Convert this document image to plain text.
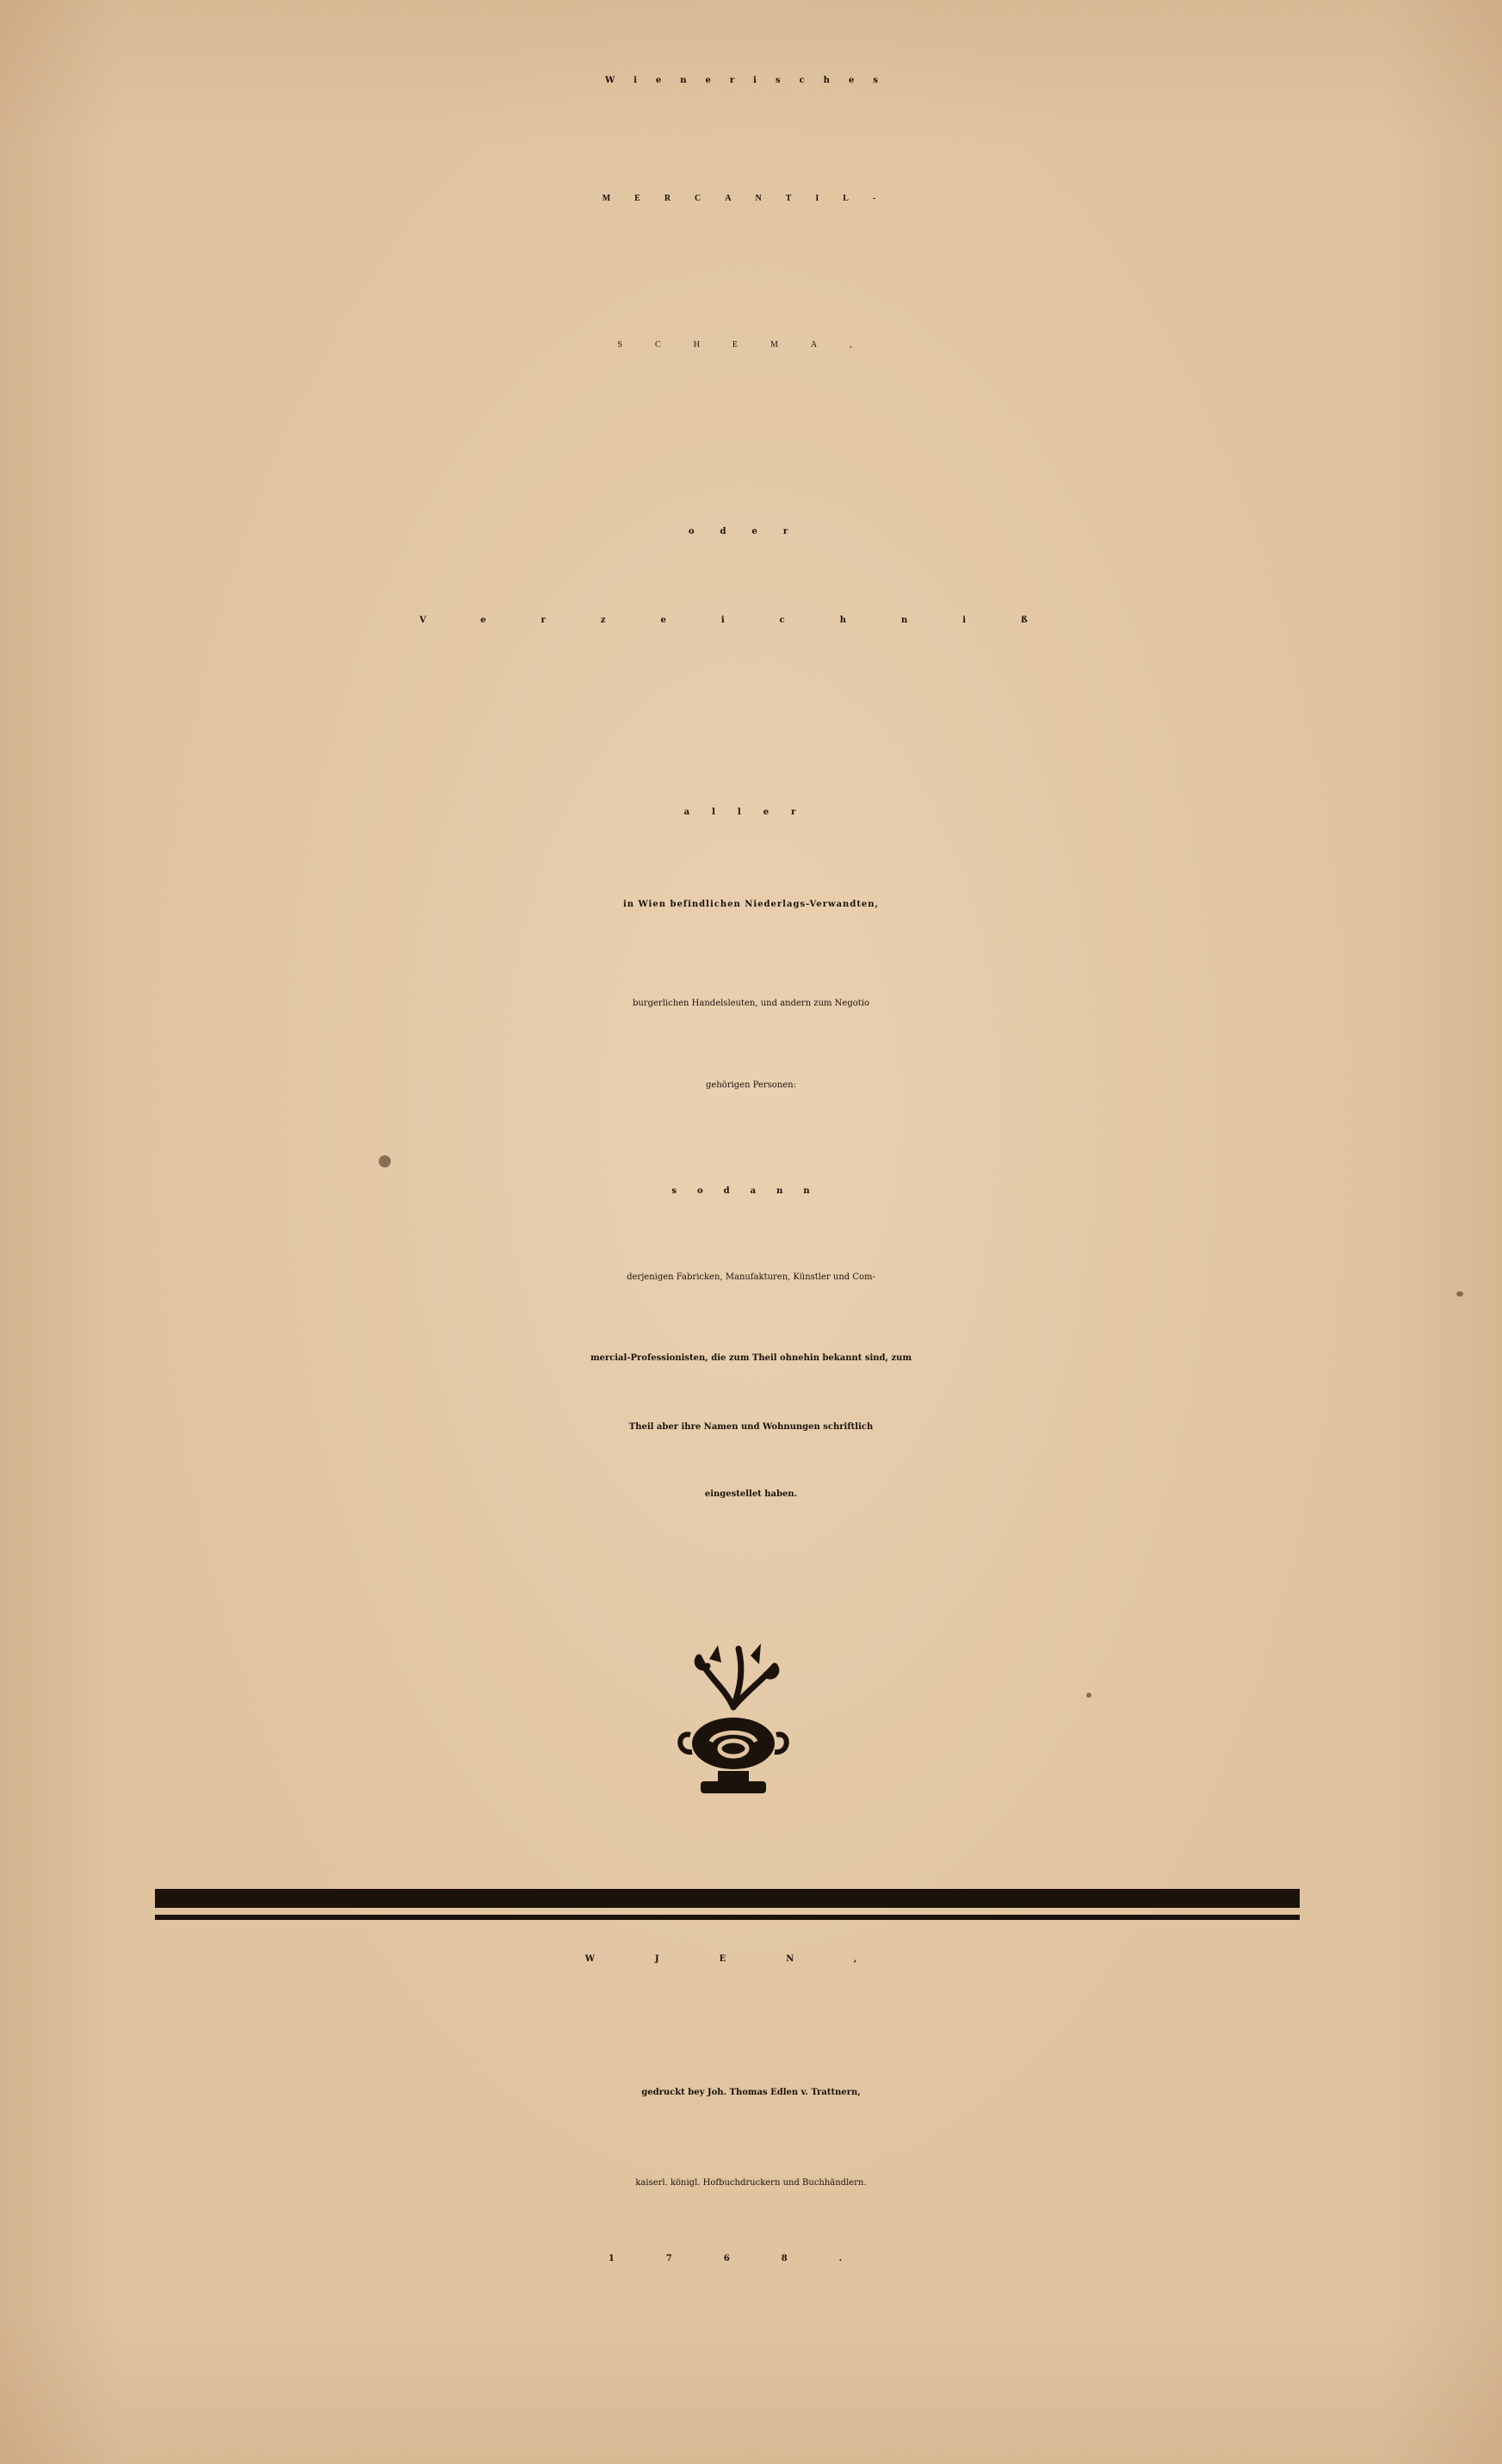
Wienerisches
MERCANTIL-
SCHEMA,
oder
Verzeichniß
aller
in Wien befindlichen Niederlags-Verwandten,
burgerlichen Handelsleuten, und andern zum Negotio
gehörigen Personen:
sodann
derjenigen Fabricken, Manufakturen, Künstler und Com-
mercial-Professionisten, die zum Theil ohnehin bekannt sind, zum
Theil aber ihre Namen und Wohnungen schriftlich
eingestellet haben.
WJEN,
gedruckt bey Joh. Thomas Edlen v. Trattnern,
kaiserl. königl. Hofbuchdruckern und Buchhändlern.
1768.
